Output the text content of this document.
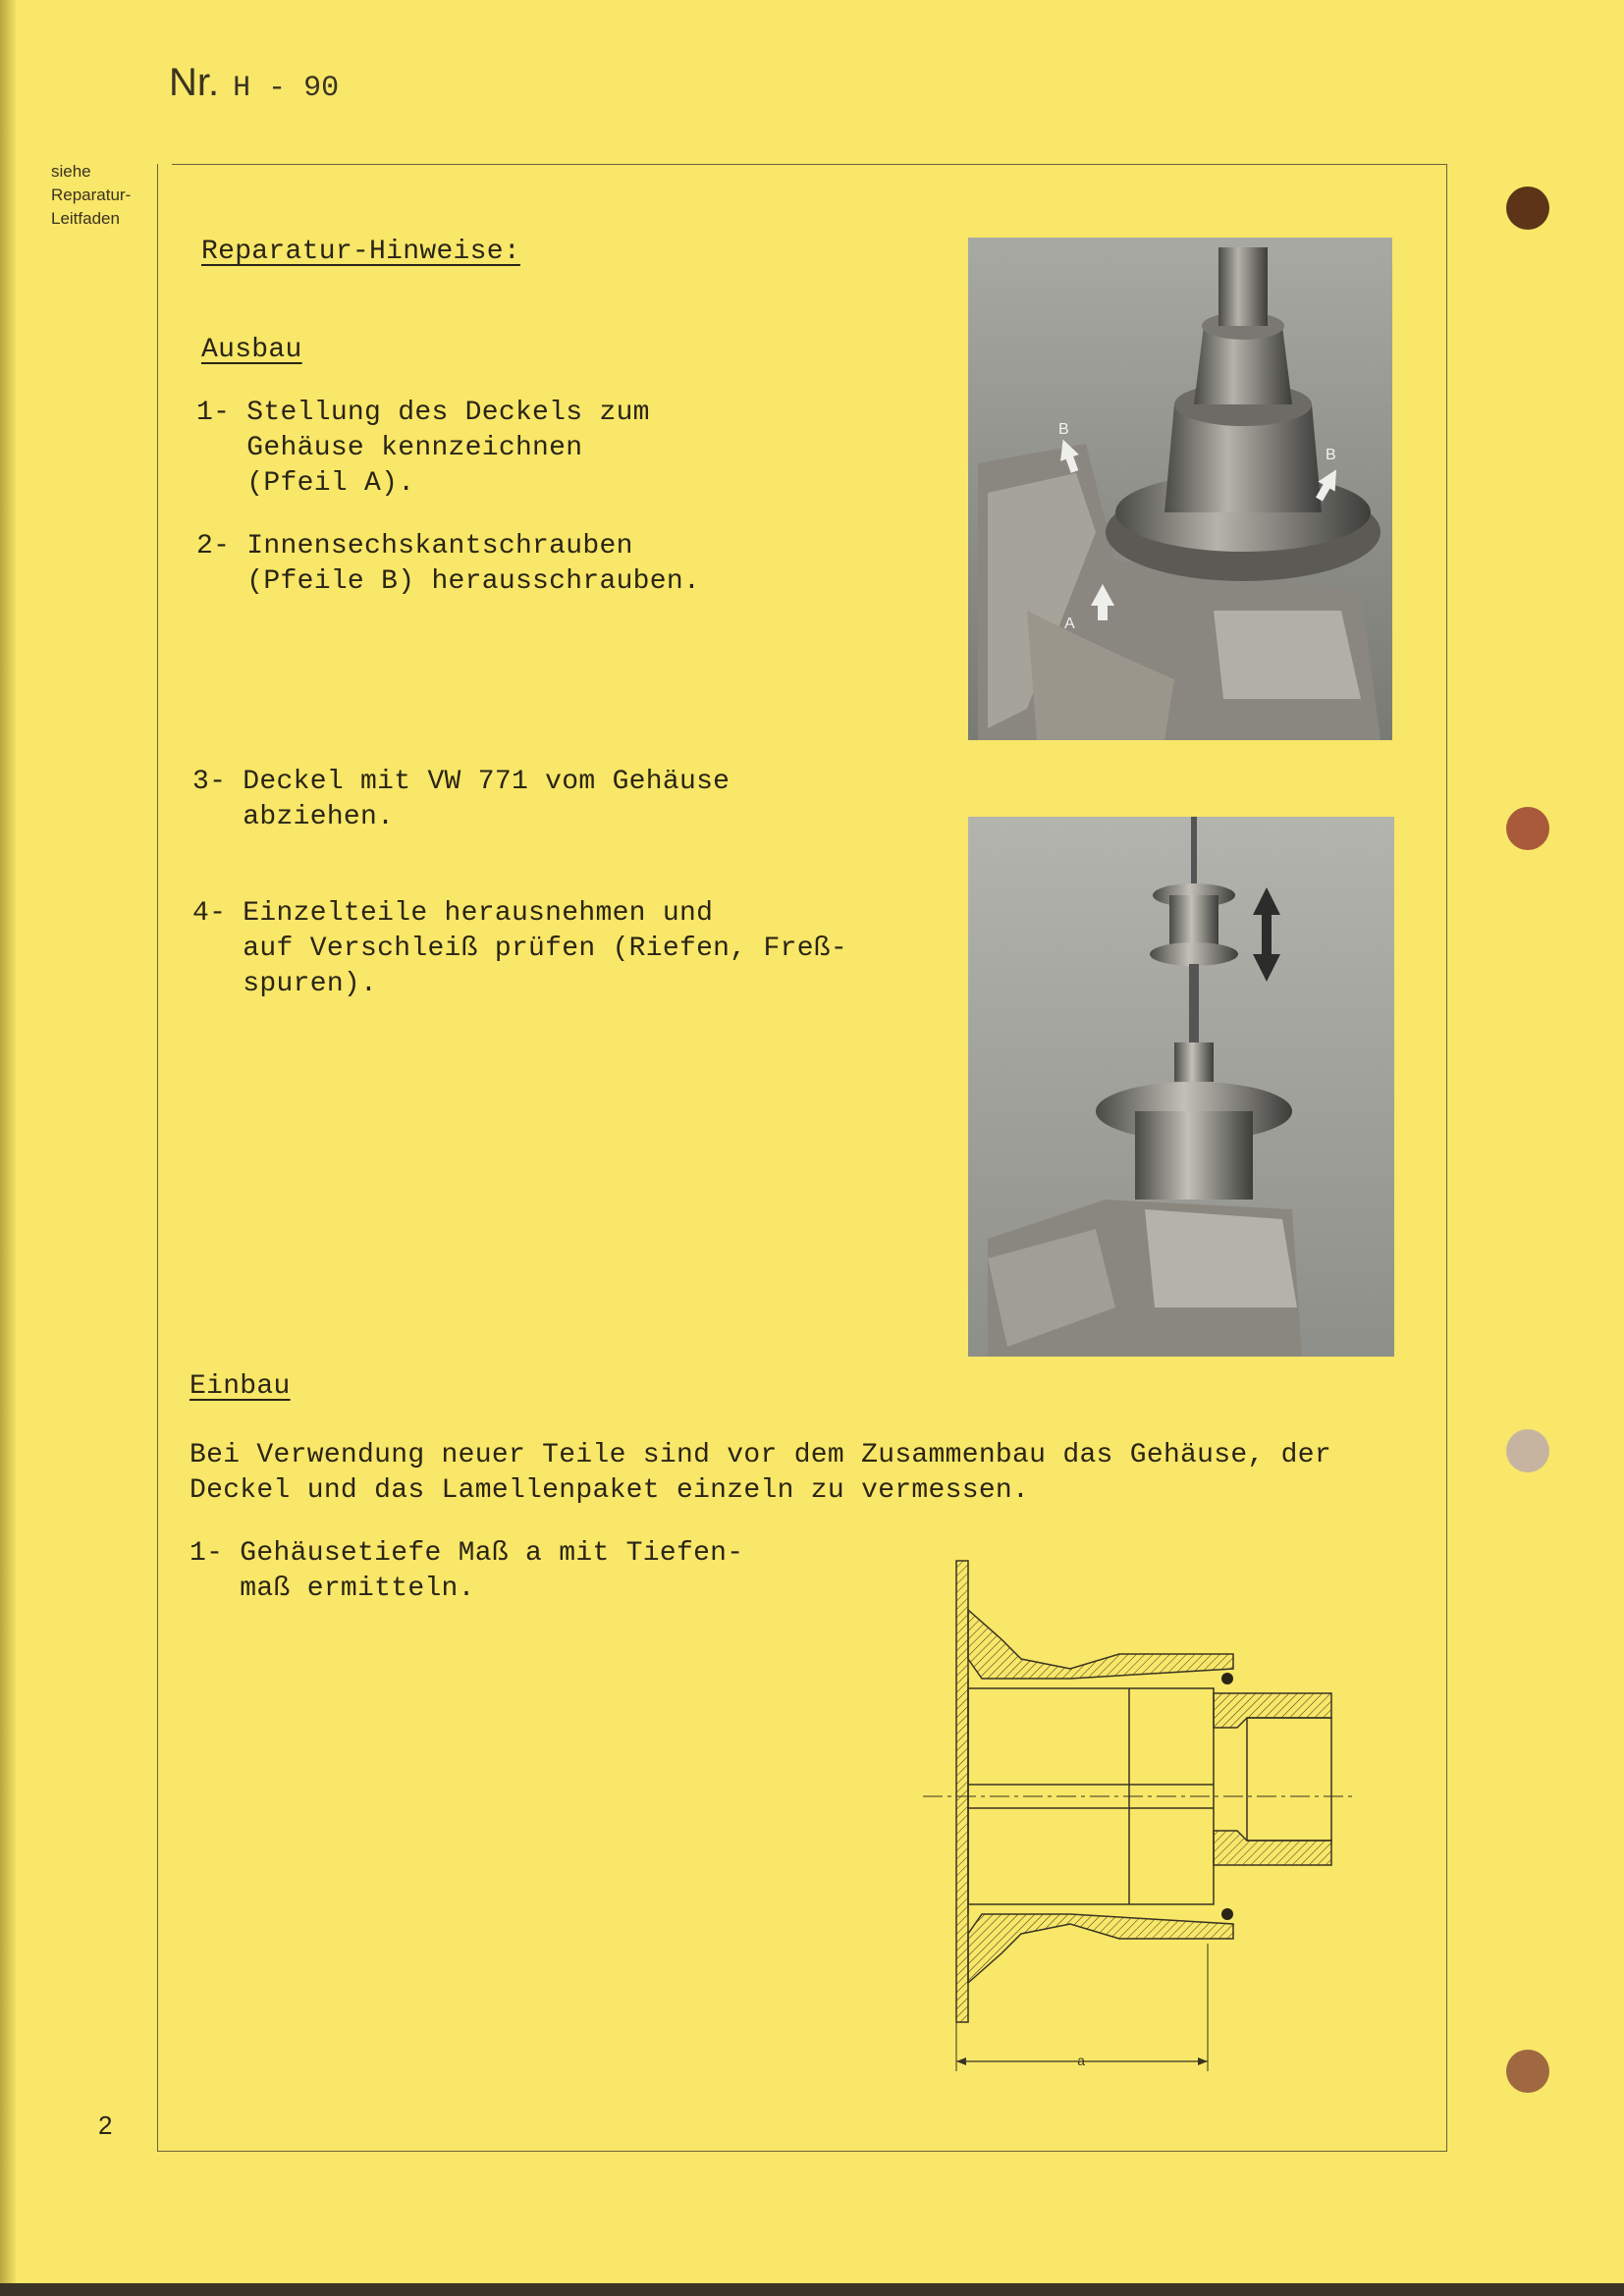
Nr. H - 90
siehe
Reparatur-
Leitfaden
Reparatur-Hinweise:
Ausbau
1- Stellung des Deckels zum
Gehäuse kennzeichnen
(Pfeil A).
2- Innensechskantschrauben
(Pfeile B) herausschrauben.
3- Deckel mit VW 771 vom Gehäuse
abziehen.
4- Einzelteile herausnehmen und
auf Verschleiß prüfen (Riefen, Freß-
spuren).
Einbau
Bei Verwendung neuer Teile sind vor dem Zusammenbau das Gehäuse, der
Deckel und das Lamellenpaket einzeln zu vermessen.
1- Gehäusetiefe Maß a mit Tiefen-
maß ermitteln.
B
B
A
a
2
